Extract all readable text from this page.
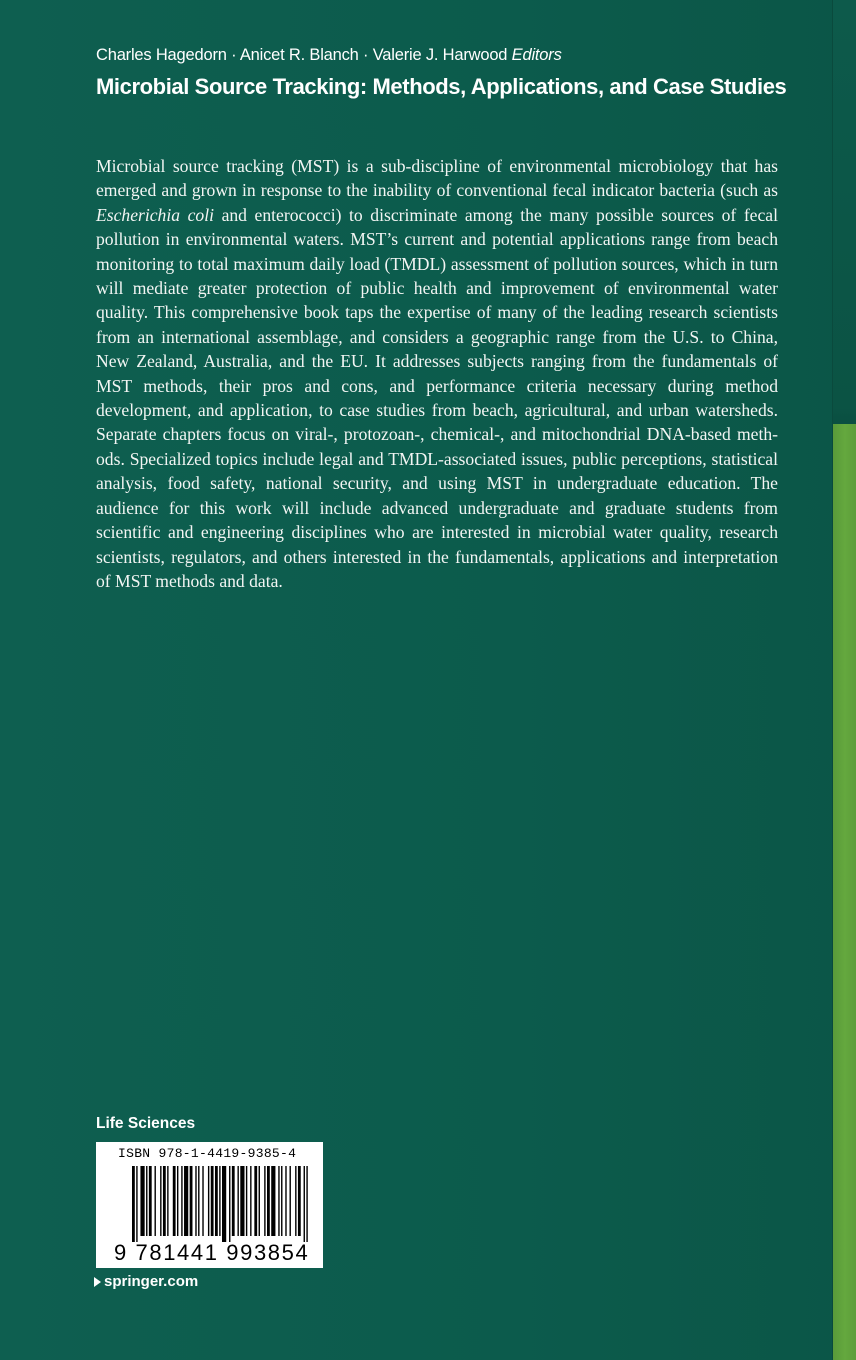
Charles Hagedorn · Anicet R. Blanch · Valerie J. Harwood Editors
Microbial Source Tracking: Methods, Applications, and Case Studies

Microbial source tracking (MST) is a sub-discipline of environmental microbiology that has emerged and grown in response to the inability of conventional fecal indicator bacteria (such as Escherichia coli and enterococci) to discriminate among the many possible sources of fecal pollution in environmental waters. MST’s current and potential applications range from beach monitoring to total maximum daily load (TMDL) assessment of pollution sources, which in turn will mediate greater protection of public health and improvement of environmental water quality. This comprehensive book taps the expertise of many of the leading research scientists from an international assemblage, and considers a geographic range from the U.S. to China, New Zealand, Australia, and the EU. It addresses subjects ranging from the fundamentals of MST methods, their pros and cons, and performance criteria necessary during method development, and application, to case studies from beach, agricultural, and urban watersheds. Separate chapters focus on viral-, protozoan-, chemical-, and mitochondrial DNA-based methods. Specialized topics include legal and TMDL-associated issues, public perceptions, statistical analysis, food safety, national security, and using MST in undergraduate education. The audience for this work will include advanced undergraduate and graduate students from scientific and engineering disciplines who are interested in microbial water quality, research scientists, regulators, and others interested in the fundamentals, applications and interpretation of MST methods and data.

Life Sciences
ISBN 978-1-4419-9385-4
9 781441 993854
springer.com
